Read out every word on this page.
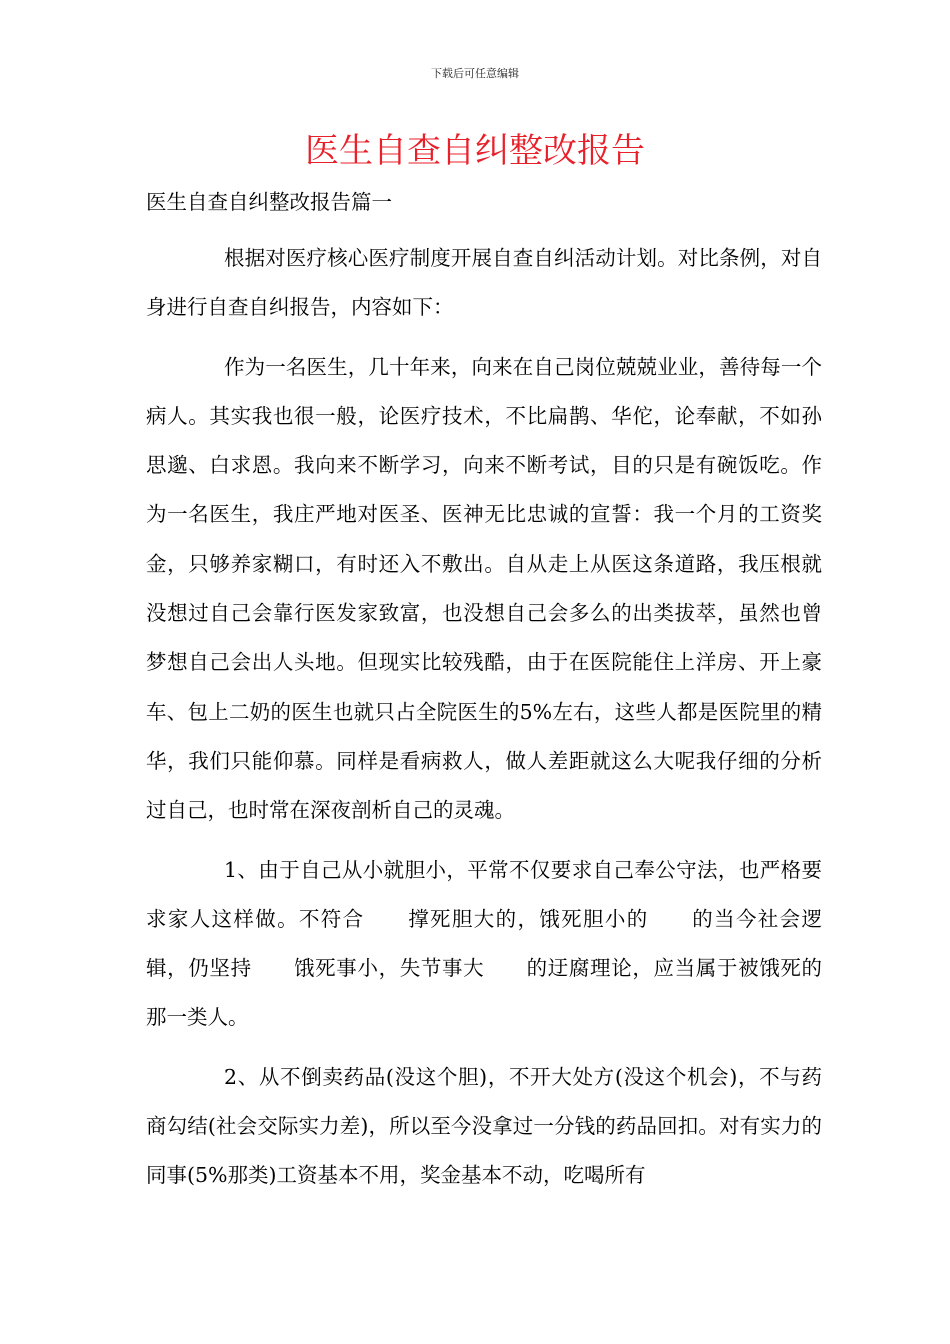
下载后可任意编辑
医生自查自纠整改报告

医生自查自纠整改报告篇一

根据对医疗核心医疗制度开展自查自纠活动计划。对比条例，对自身进行自查自纠报告，内容如下：

作为一名医生，几十年来，向来在自己岗位兢兢业业，善待每一个病人。其实我也很一般，论医疗技术，不比扁鹊、华佗，论奉献，不如孙思邈、白求恩。我向来不断学习，向来不断考试，目的只是有碗饭吃。作为一名医生，我庄严地对医圣、医神无比忠诚的宣誓：我一个月的工资奖金，只够养家糊口，有时还入不敷出。自从走上从医这条道路，我压根就没想过自己会靠行医发家致富，也没想自己会多么的出类拔萃，虽然也曾梦想自己会出人头地。但现实比较残酷，由于在医院能住上洋房、开上豪车、包上二奶的医生也就只占全院医生的5%左右，这些人都是医院里的精华，我们只能仰慕。同样是看病救人，做人差距就这么大呢我仔细的分析过自己，也时常在深夜剖析自己的灵魂。

1、由于自己从小就胆小，平常不仅要求自己奉公守法，也严格要求家人这样做。不符合　　撑死胆大的，饿死胆小的　　的当今社会逻辑，仍坚持　　饿死事小，失节事大　　的迂腐理论，应当属于被饿死的那一类人。

2、从不倒卖药品(没这个胆)，不开大处方(没这个机会)，不与药商勾结(社会交际实力差)，所以至今没拿过一分钱的药品回扣。对有实力的同事(5%那类)工资基本不用，奖金基本不动，吃喝所有
